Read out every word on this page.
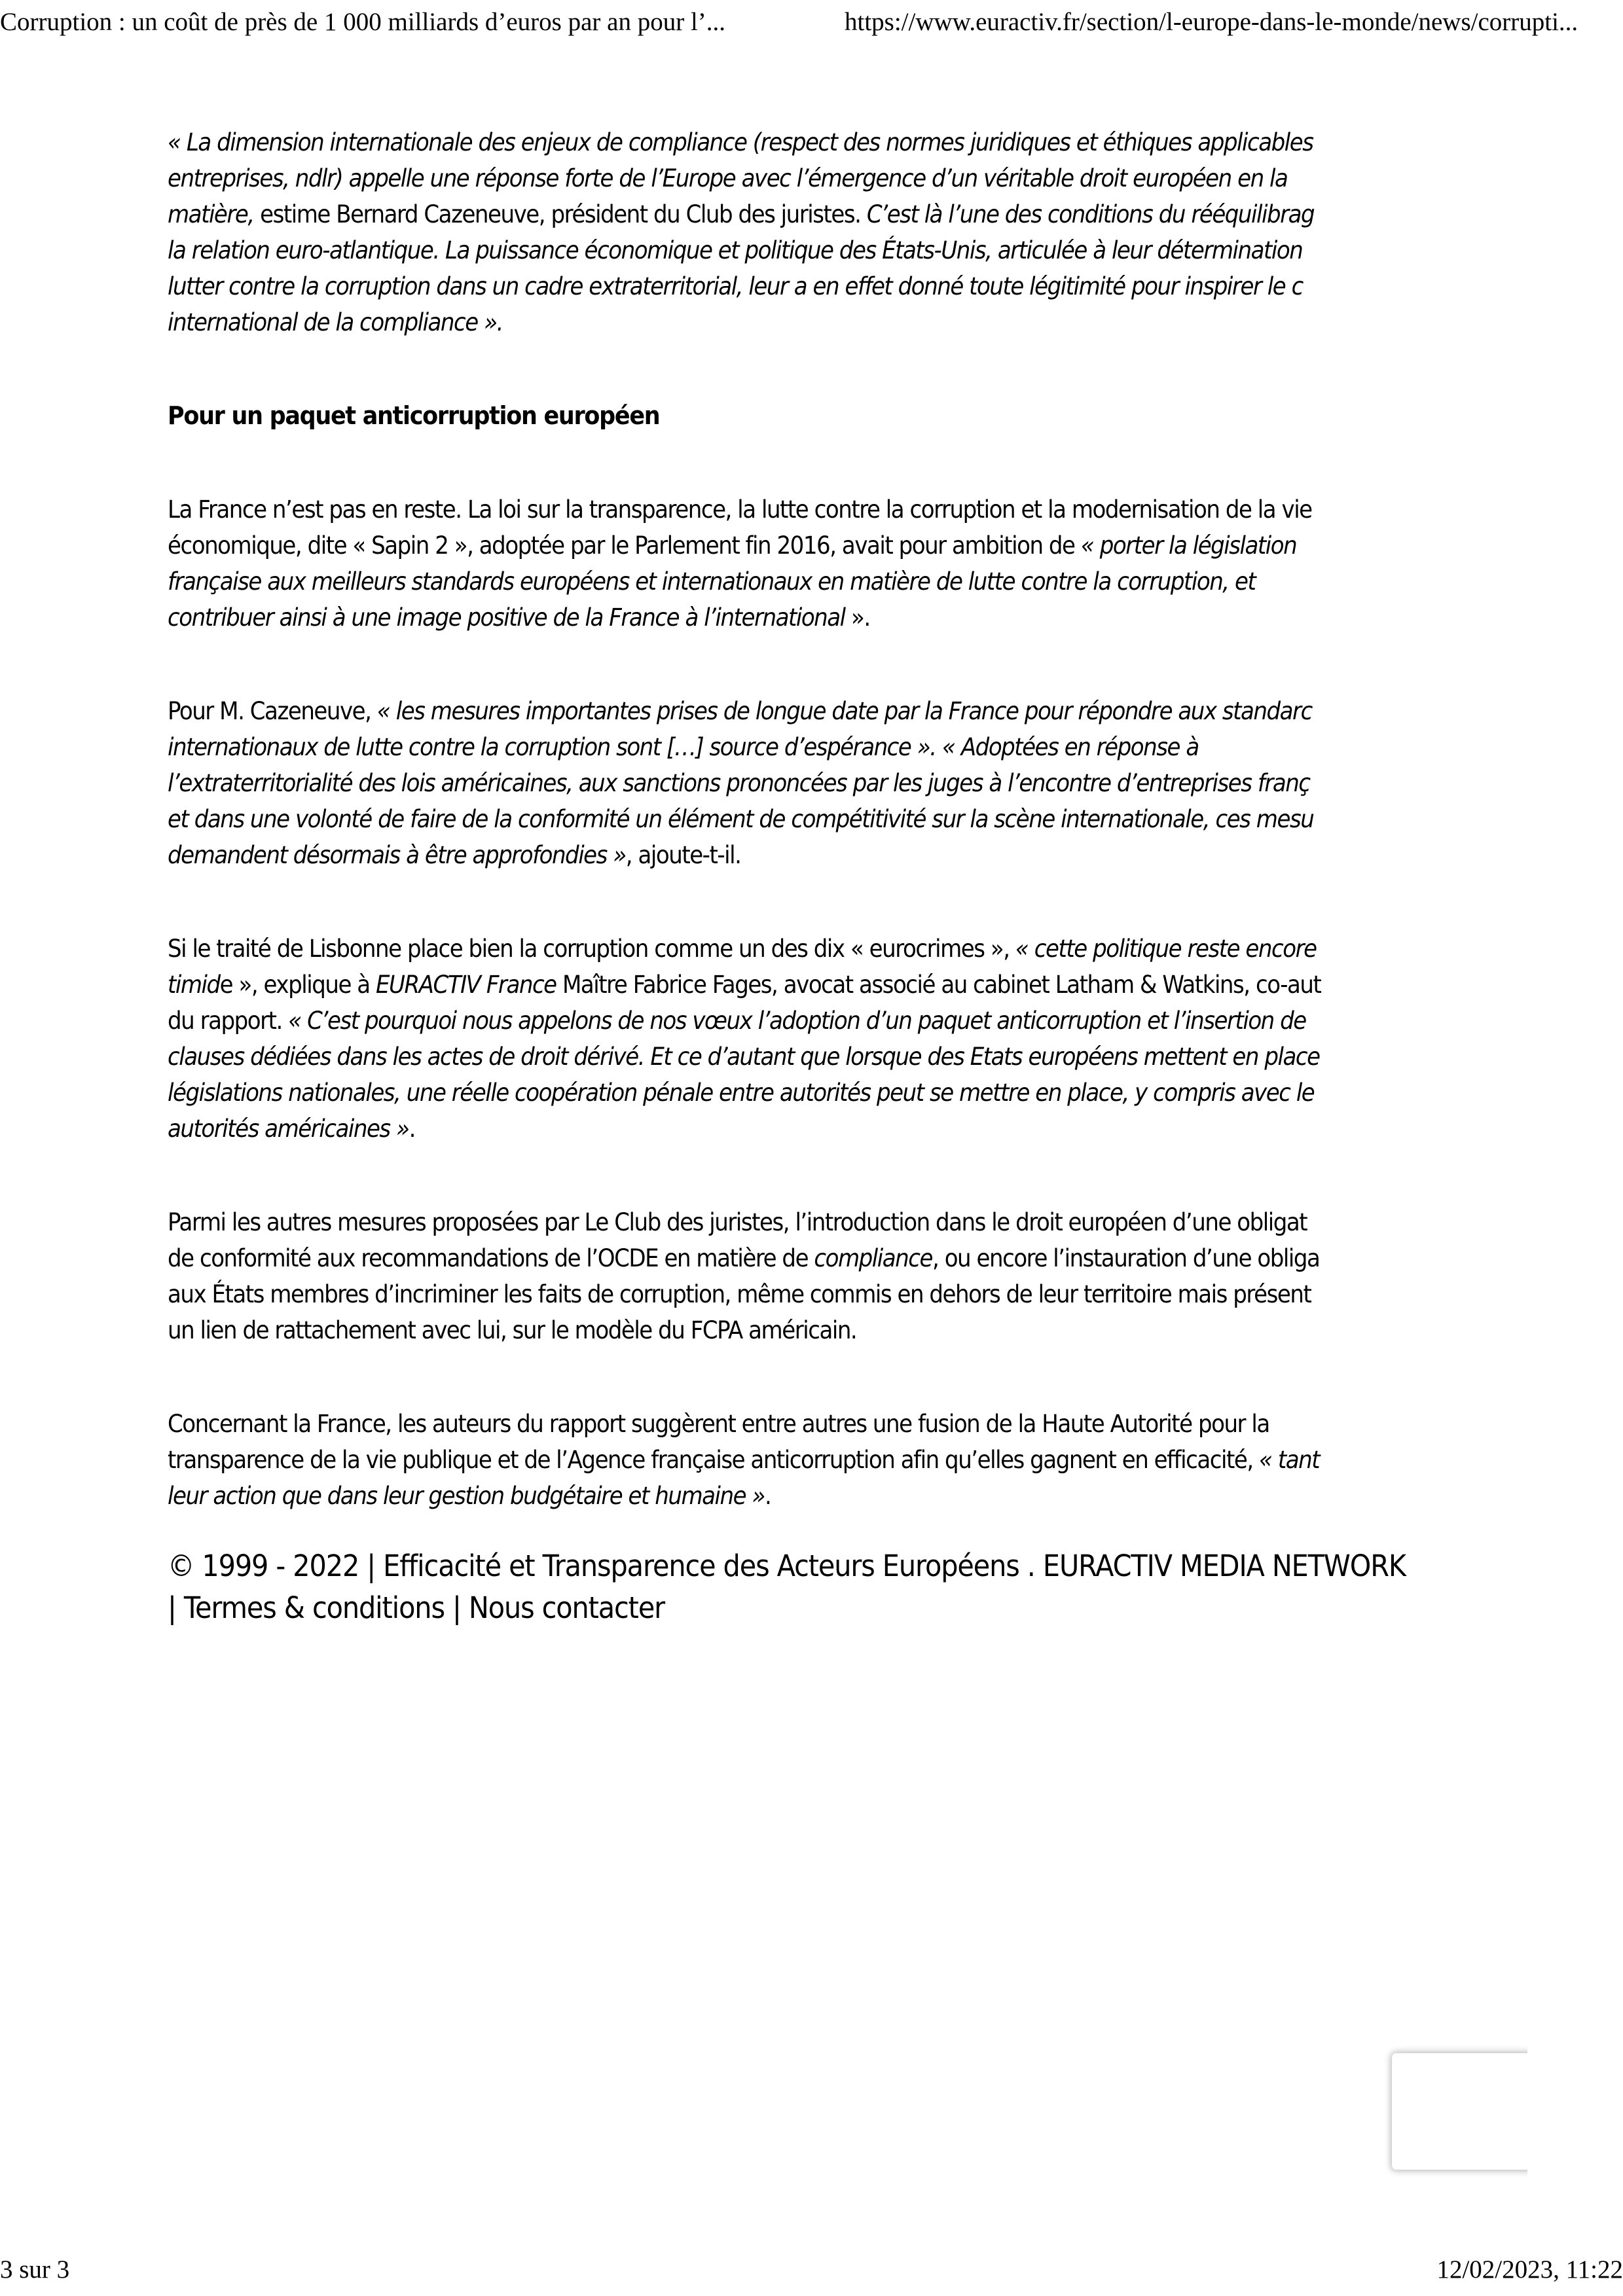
Corruption : un coût de près de 1 000 milliards d’euros par an pour l’...	https://www.euractiv.fr/section/l-europe-dans-le-monde/news/corrupti...

« La dimension internationale des enjeux de compliance (respect des normes juridiques et éthiques applicables
entreprises, ndlr) appelle une réponse forte de l’Europe avec l’émergence d’un véritable droit européen en la
matière, estime Bernard Cazeneuve, président du Club des juristes. C’est là l’une des conditions du rééquilibrag
la relation euro-atlantique. La puissance économique et politique des États-Unis, articulée à leur détermination
lutter contre la corruption dans un cadre extraterritorial, leur a en effet donné toute légitimité pour inspirer le c
international de la compliance ».

Pour un paquet anticorruption européen

La France n’est pas en reste. La loi sur la transparence, la lutte contre la corruption et la modernisation de la vie
économique, dite « Sapin 2 », adoptée par le Parlement fin 2016, avait pour ambition de « porter la législation
française aux meilleurs standards européens et internationaux en matière de lutte contre la corruption, et
contribuer ainsi à une image positive de la France à l’international ».

Pour M. Cazeneuve, « les mesures importantes prises de longue date par la France pour répondre aux standarc
internationaux de lutte contre la corruption sont […] source d’espérance ». « Adoptées en réponse à
l’extraterritorialité des lois américaines, aux sanctions prononcées par les juges à l’encontre d’entreprises franç
et dans une volonté de faire de la conformité un élément de compétitivité sur la scène internationale, ces mesu
demandent désormais à être approfondies », ajoute-t-il.

Si le traité de Lisbonne place bien la corruption comme un des dix « eurocrimes », « cette politique reste encore
timide », explique à EURACTIV France Maître Fabrice Fages, avocat associé au cabinet Latham & Watkins, co-aut
du rapport. « C’est pourquoi nous appelons de nos vœux l’adoption d’un paquet anticorruption et l’insertion de
clauses dédiées dans les actes de droit dérivé. Et ce d’autant que lorsque des Etats européens mettent en place
législations nationales, une réelle coopération pénale entre autorités peut se mettre en place, y compris avec le
autorités américaines ».

Parmi les autres mesures proposées par Le Club des juristes, l’introduction dans le droit européen d’une obligat
de conformité aux recommandations de l’OCDE en matière de compliance, ou encore l’instauration d’une obliga
aux États membres d’incriminer les faits de corruption, même commis en dehors de leur territoire mais présent
un lien de rattachement avec lui, sur le modèle du FCPA américain.

Concernant la France, les auteurs du rapport suggèrent entre autres une fusion de la Haute Autorité pour la
transparence de la vie publique et de l’Agence française anticorruption afin qu’elles gagnent en efficacité, « tant
leur action que dans leur gestion budgétaire et humaine ».

© 1999 - 2022 | Efficacité et Transparence des Acteurs Européens . EURACTIV MEDIA NETWORK
| Termes & conditions | Nous contacter
3 sur 3	12/02/2023, 11:22
